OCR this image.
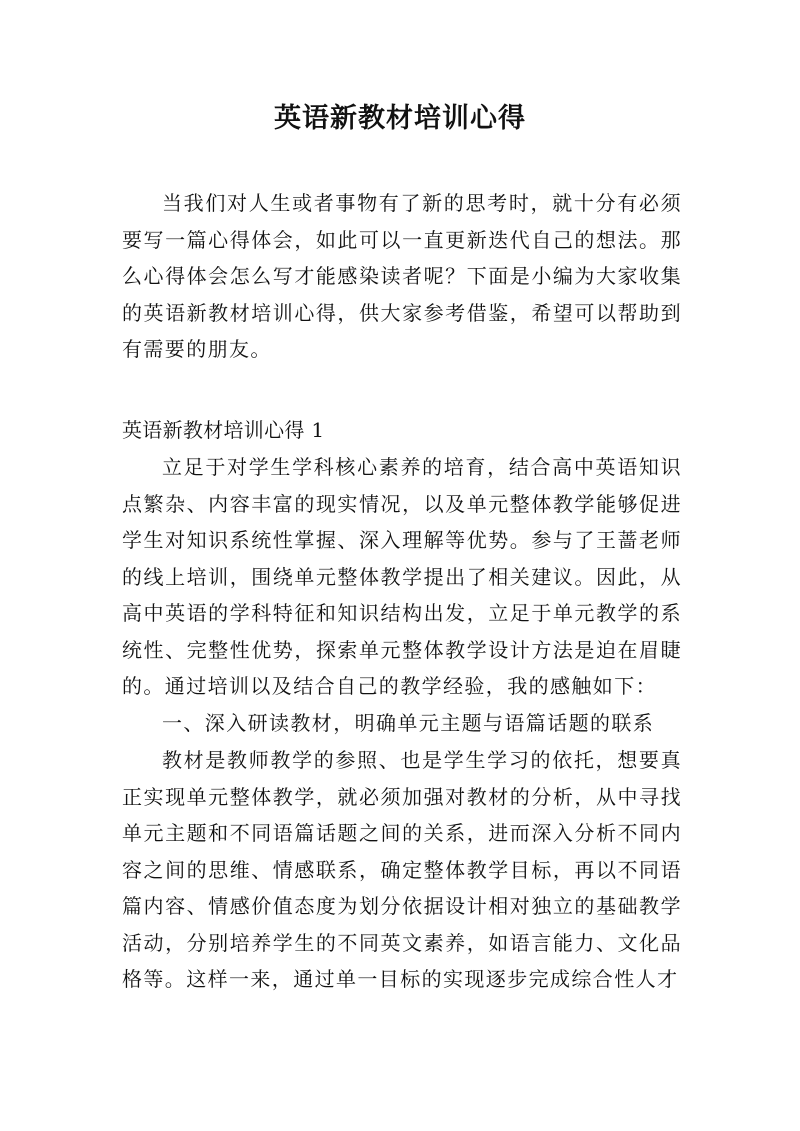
英语新教材培训心得

当我们对人生或者事物有了新的思考时，就十分有必须要写一篇心得体会，如此可以一直更新迭代自己的想法。那么心得体会怎么写才能感染读者呢？下面是小编为大家收集的英语新教材培训心得，供大家参考借鉴，希望可以帮助到有需要的朋友。

英语新教材培训心得 1

立足于对学生学科核心素养的培育，结合高中英语知识点繁杂、内容丰富的现实情况，以及单元整体教学能够促进学生对知识系统性掌握、深入理解等优势。参与了王蔷老师的线上培训，围绕单元整体教学提出了相关建议。因此，从高中英语的学科特征和知识结构出发，立足于单元教学的系统性、完整性优势，探索单元整体教学设计方法是迫在眉睫的。通过培训以及结合自己的教学经验，我的感触如下：

一、深入研读教材，明确单元主题与语篇话题的联系

教材是教师教学的参照、也是学生学习的依托，想要真正实现单元整体教学，就必须加强对教材的分析，从中寻找单元主题和不同语篇话题之间的关系，进而深入分析不同内容之间的思维、情感联系，确定整体教学目标，再以不同语篇内容、情感价值态度为划分依据设计相对独立的基础教学活动，分别培养学生的不同英文素养，如语言能力、文化品格等。这样一来，通过单一目标的实现逐步完成综合性人才
